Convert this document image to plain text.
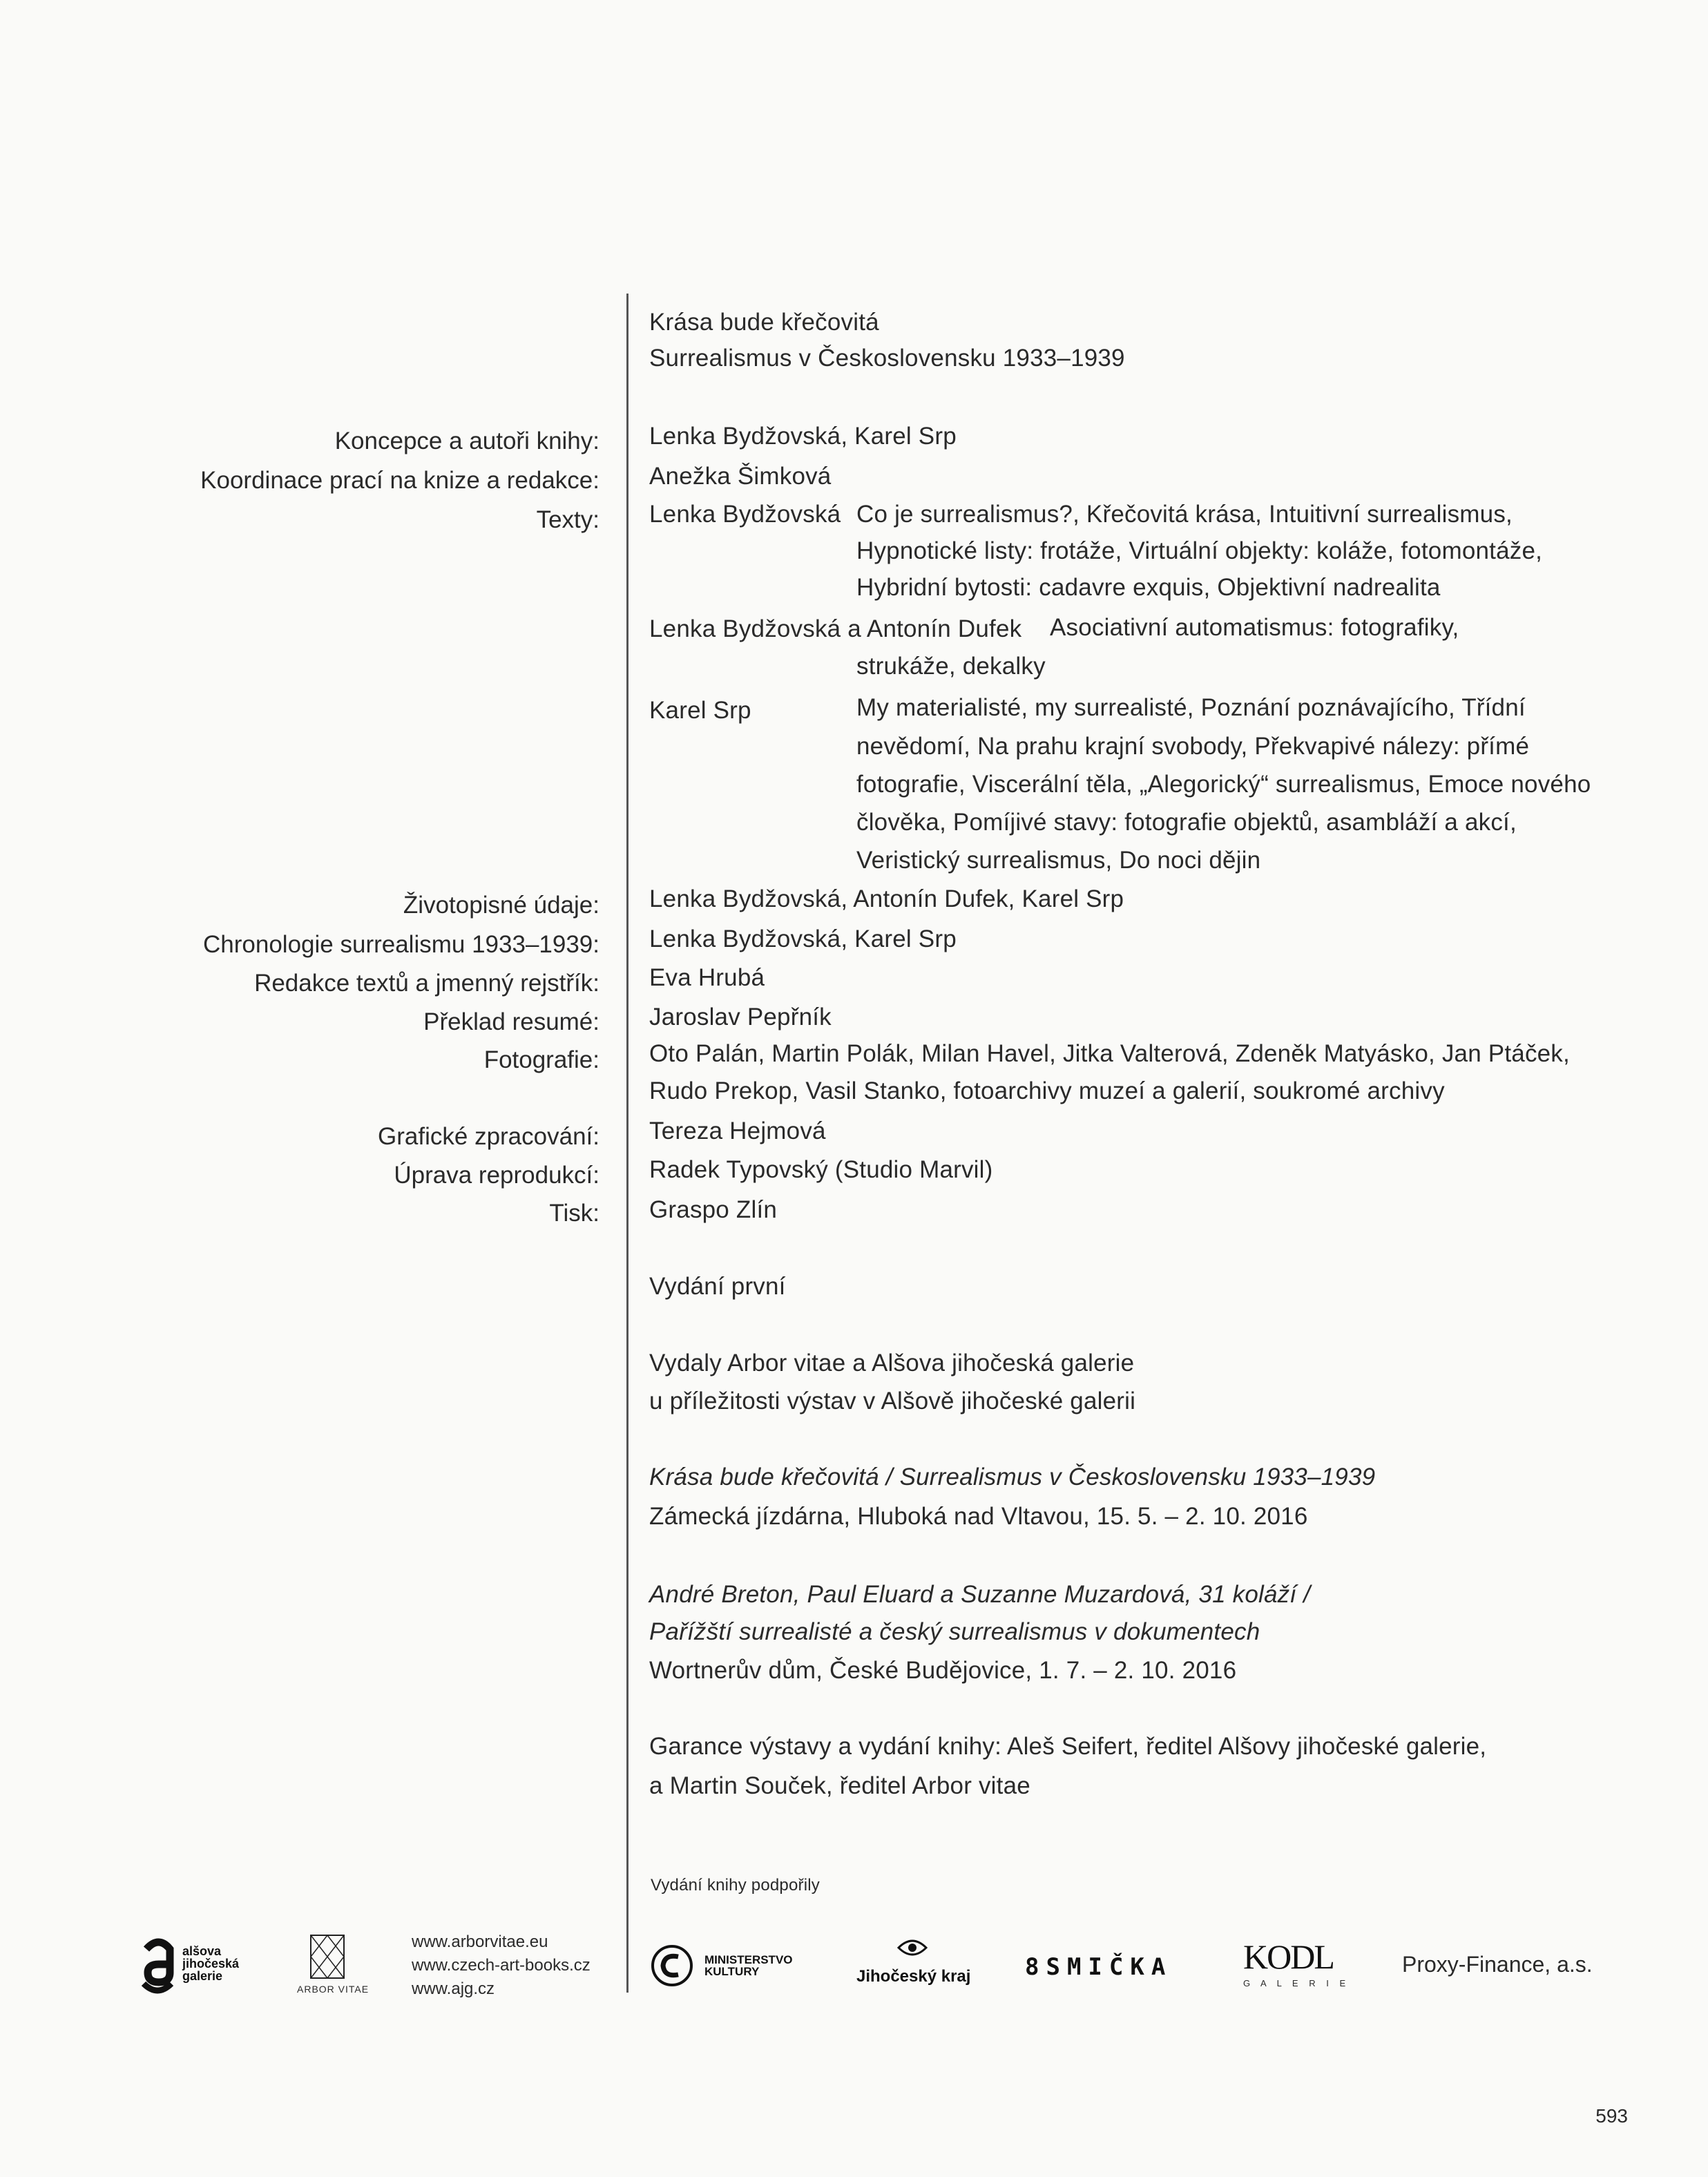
Krása bude křečovitá
Surrealismus v Československu 1933–1939
Koncepce a autoři knihy: Lenka Bydžovská, Karel Srp
Koordinace prací na knize a redakce: Anežka Šimková
Texty: Lenka Bydžovská Co je surrealismus?, Křečovitá krása, Intuitivní surrealismus,
Hypnotické listy: frotáže, Virtuální objekty: koláže, fotomontáže,
Hybridní bytosti: cadavre exquis, Objektivní nadrealita
Lenka Bydžovská a Antonín Dufek Asociativní automatismus: fotografiky,
strukáže, dekalky
Karel Srp	My materialisté, my surrealisté, Poznání poznávajícího, Třídní
nevědomí, Na prahu krajní svobody, Překvapivé nálezy: přímé
fotografie, Viscerální těla, „Alegorický“ surrealismus, Emoce nového
člověka, Pomíjivé stavy: fotografie objektů, asambláží a akcí,
Veristický surrealismus, Do noci dějin
Životopisné údaje: Lenka Bydžovská, Antonín Dufek, Karel Srp
Chronologie surrealismu 1933–1939: Lenka Bydžovská, Karel Srp
Redakce textů a jmenný rejstřík: Eva Hrubá
Překlad resumé: Jaroslav Pepřník
Fotografie: Oto Palán, Martin Polák, Milan Havel, Jitka Valterová, Zdeněk Matyásko, Jan Ptáček,
Rudo Prekop, Vasil Stanko, fotoarchivy muzeí a galerií, soukromé archivy
Grafické zpracování: Tereza Hejmová
Úprava reprodukcí: Radek Typovský (Studio Marvil)
Tisk: Graspo Zlín
Vydání první
Vydaly Arbor vitae a Alšova jihočeská galerie
u příležitosti výstav v Alšově jihočeské galerii
Krása bude křečovitá / Surrealismus v Československu 1933–1939
Zámecká jízdárna, Hluboká nad Vltavou, 15. 5. – 2. 10. 2016
André Breton, Paul Eluard a Suzanne Muzardová, 31 koláží /
Pařížští surrealisté a český surrealismus v dokumentech
Wortnerův dům, České Budějovice, 1. 7. – 2. 10. 2016
Garance výstavy a vydání knihy: Aleš Seifert, ředitel Alšovy jihočeské galerie,
a Martin Souček, ředitel Arbor vitae
Vydání knihy podpořily
alšova
jihočeská
galerie
ARBOR VITAE
www.arborvitae.eu
www.czech-art-books.cz
www.ajg.cz
MINISTERSTVO
KULTURY	Jihočeský kraj 8SMIČKA KODL
G A L E R I E
Proxy-Finance, a.s.
593
